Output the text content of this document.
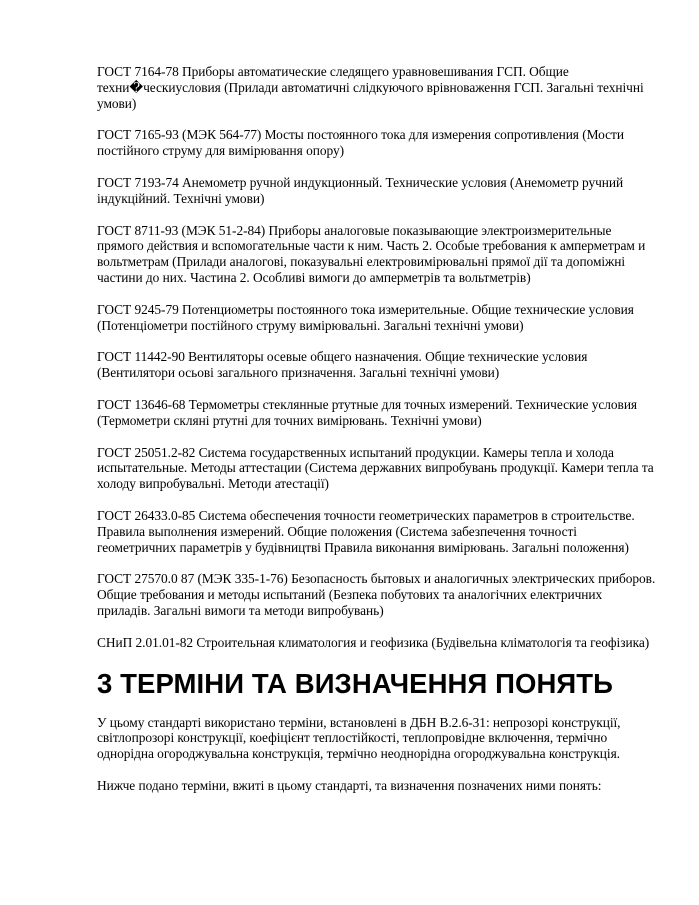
ГОСТ 7164-78 Приборы автоматические следящего уравновешивания ГСП. Общие техни�ческиусловия (Прилади автоматичні слідкуючого врівноваження ГСП. Загальні технічні умови)

ГОСТ 7165-93 (МЭК 564-77) Мосты постоянного тока для измерения сопротивления (Мости постійного струму для вимірювання опору)

ГОСТ 7193-74 Анемометр ручной индукционный. Технические условия (Анемометр ручний індукційний. Технічні умови)

ГОСТ 8711-93 (МЭК 51-2-84) Приборы аналоговые показывающие электроизмерительные прямого действия и вспомогательные части к ним. Часть 2. Особые требования к амперметрам и вольтметрам (Прилади аналогові, показувальні електровимірювальні прямої дії та допоміжні частини до них. Частина 2. Особливі вимоги до амперметрів та вольтметрів)

ГОСТ 9245-79 Потенциометры постоянного тока измерительные. Общие технические условия (Потенціометри постійного струму вимірювальні. Загальні технічні умови)

ГОСТ 11442-90 Вентиляторы осевые общего назначения. Общие технические условия (Вентилятори осьові загального призначення. Загальні технічні умови)

ГОСТ 13646-68 Термометры стеклянные ртутные для точных измерений. Технические условия (Термометри скляні ртутні для точних вимірювань. Технічні умови)

ГОСТ 25051.2-82 Система государственных испытаний продукции. Камеры тепла и холода испытательные. Методы аттестации (Система державних випробувань продукції. Камери тепла та холоду випробувальні. Методи атестації)

ГОСТ 26433.0-85 Система обеспечения точности геометрических параметров в строительстве. Правила выполнения измерений. Общие положения (Система забезпечення точності геометричних параметрів у будівництві Правила виконання вимірювань. Загальні положення)

ГОСТ 27570.0 87 (МЭК 335-1-76) Безопасность бытовых и аналогичных электрических приборов. Общие требования и методы испытаний (Безпека побутових та аналогічних електричних приладів. Загальні вимоги та методи випробувань)

СНиП 2.01.01-82 Строительная климатология и геофизика (Будівельна кліматологія та геофізика)

3 ТЕРМІНИ ТА ВИЗНАЧЕННЯ ПОНЯТЬ

У цьому стандарті використано терміни, встановлені в ДБН В.2.6-31: непрозорі конструкції, світлопрозорі конструкції, коефіцієнт теплостійкості, теплопровідне включення, термічно однорідна огороджувальна конструкція, термічно неоднорідна огороджувальна конструкція.

Нижче подано терміни, вжиті в цьому стандарті, та визначення позначених ними понять:
